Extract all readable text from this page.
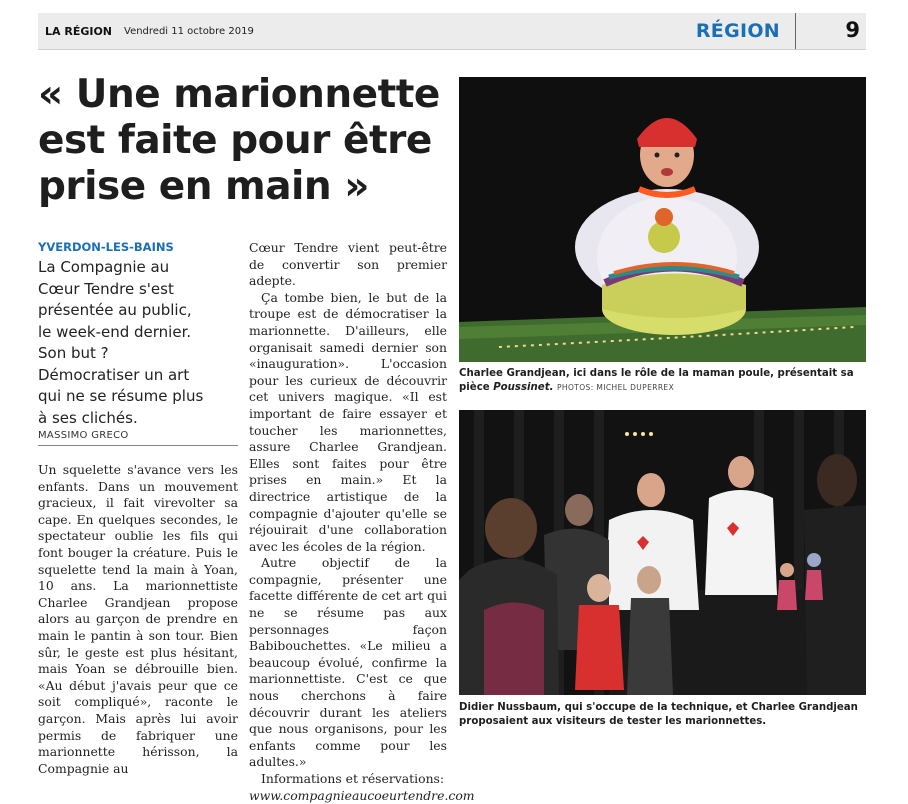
LA RÉGION Vendredi 11 octobre 2019	RÉGION	9
« Une marionnette est faite pour être prise en main »
YVERDON-LES-BAINS
La Compagnie au Cœur Tendre s'est présentée au public, le week-end dernier. Son but ? Démocratiser un art qui ne se résume plus à ses clichés.
MASSIMO GRECO

Un squelette s'avance vers les enfants. Dans un mouvement gracieux, il fait virevolter sa cape. En quelques secondes, le spectateur oublie les fils qui font bouger la créature. Puis le squelette tend la main à Yoan, 10 ans. La marionnettiste Charlee Grandjean propose alors au garçon de prendre en main le pantin à son tour. Bien sûr, le geste est plus hésitant, mais Yoan se débrouille bien. «Au début j'avais peur que ce soit compliqué», raconte le garçon. Mais après lui avoir permis de fabriquer une marionnette hérisson, la Compagnie au

Cœur Tendre vient peut-être de convertir son premier adepte.

Ça tombe bien, le but de la troupe est de démocratiser la marionnette. D'ailleurs, elle organisait samedi dernier son «inauguration». L'occasion pour les curieux de découvrir cet univers magique. «Il est important de faire essayer et toucher les marionnettes, assure Charlee Grandjean. Elles sont faites pour être prises en main.» Et la directrice artistique de la compagnie d'ajouter qu'elle se réjouirait d'une collaboration avec les écoles de la région.

Autre objectif de la compagnie, présenter une facette différente de cet art qui ne se résume pas aux personnages façon Babibouchettes. «Le milieu a beaucoup évolué, confirme la marionnettiste. C'est ce que nous cherchons à faire découvrir durant les ateliers que nous organisons, pour les enfants comme pour les adultes.»

Informations et réservations: www.compagnieaucoeurtendre.com

Charlee Grandjean, ici dans le rôle de la maman poule, présentait sa pièce Poussinet. PHOTOS: MICHEL DUPERREX
Didier Nussbaum, qui s'occupe de la technique, et Charlee Grandjean proposaient aux visiteurs de tester les marionnettes.
